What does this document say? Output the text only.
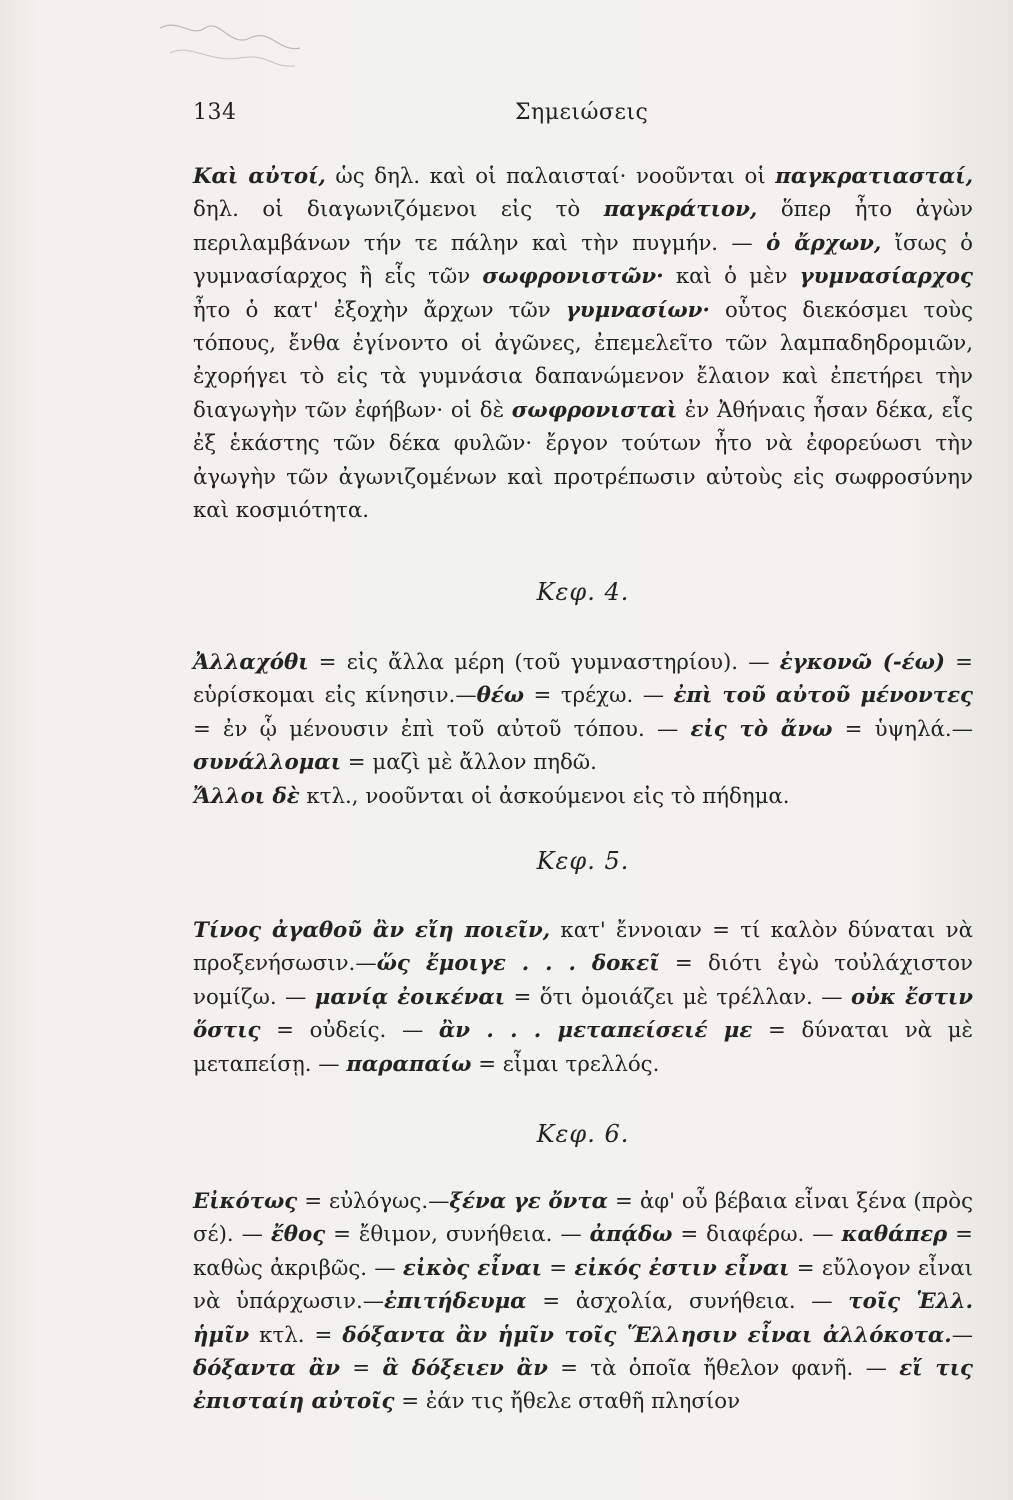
134	Σημειώσεις

Καὶ αὐτοί, ὡς δηλ. καὶ οἱ παλαισταί· νοοῦνται οἱ παγκρατιασταί, δηλ. οἱ διαγωνιζόμενοι εἰς τὸ παγκράτιον, ὅπερ ἦτο ἀγὼν περιλαμβάνων τήν τε πάλην καὶ τὴν πυγμήν. — ὁ ἄρχων, ἴσως ὁ γυμνασίαρχος ἢ εἷς τῶν σωφρονιστῶν· καὶ ὁ μὲν γυμνασίαρχος ἦτο ὁ κατ' ἐξοχὴν ἄρχων τῶν γυμνασίων· οὗτος διεκόσμει τοὺς τόπους, ἔνθα ἐγίνοντο οἱ ἀγῶνες, ἐπεμελεῖτο τῶν λαμπαδηδρομιῶν, ἐχορήγει τὸ εἰς τὰ γυμνάσια δαπανώμενον ἔλαιον καὶ ἐπετήρει τὴν διαγωγὴν τῶν ἐφήβων· οἱ δὲ σωφρονισταὶ ἐν Ἀθήναις ἦσαν δέκα, εἷς ἐξ ἑκάστης τῶν δέκα φυλῶν· ἔργον τούτων ἦτο νὰ ἐφορεύωσι τὴν ἀγωγὴν τῶν ἀγωνιζομένων καὶ προτρέπωσιν αὐτοὺς εἰς σωφροσύνην καὶ κοσμιότητα.

Κεφ. 4.

Ἀλλαχόθι = εἰς ἄλλα μέρη (τοῦ γυμναστηρίου). — ἐγκονῶ (-έω) = εὑρίσκομαι εἰς κίνησιν.—θέω = τρέχω. — ἐπὶ τοῦ αὐτοῦ μένοντες = ἐν ᾧ μένουσιν ἐπὶ τοῦ αὐτοῦ τόπου. — εἰς τὸ ἄνω = ὑψηλά.—συνάλλομαι = μαζὶ μὲ ἄλλον πηδῶ.

Ἄλλοι δὲ κτλ., νοοῦνται οἱ ἀσκούμενοι εἰς τὸ πήδημα.

Κεφ. 5.

Τίνος ἀγαθοῦ ἂν εἴη ποιεῖν, κατ' ἔννοιαν = τί καλὸν δύναται νὰ προξενήσωσιν.—ὥς ἔμοιγε . . . δοκεῖ = διότι ἐγὼ τοὐλάχιστον νομίζω. — μανίᾳ ἐοικέναι = ὅτι ὁμοιάζει μὲ τρέλλαν. — οὐκ ἔστιν ὅστις = οὐδείς. — ἂν . . . μεταπείσειέ με = δύναται νὰ μὲ μεταπείσῃ. — παραπαίω = εἶμαι τρελλός.

Κεφ. 6.

Εἰκότως = εὐλόγως.—ξένα γε ὄντα = ἀφ' οὗ βέβαια εἶναι ξένα (πρὸς σέ). — ἔθος = ἔθιμον, συνήθεια. — ἀπᾴδω = διαφέρω. — καθάπερ = καθὼς ἀκριβῶς. — εἰκὸς εἶναι = εἰκός ἐστιν εἶναι = εὔλογον εἶναι νὰ ὑπάρχωσιν.—ἐπιτήδευμα = ἀσχολία, συνήθεια. — τοῖς Ἑλλ. ἡμῖν κτλ. = δόξαντα ἂν ἡμῖν τοῖς Ἕλλησιν εἶναι ἀλλόκοτα.—δόξαντα ἂν = ἃ δόξειεν ἂν = τὰ ὁποῖα ἤθελον φανῆ. — εἴ τις ἐπισταίη αὐτοῖς = ἐάν τις ἤθελε σταθῆ πλησίον
